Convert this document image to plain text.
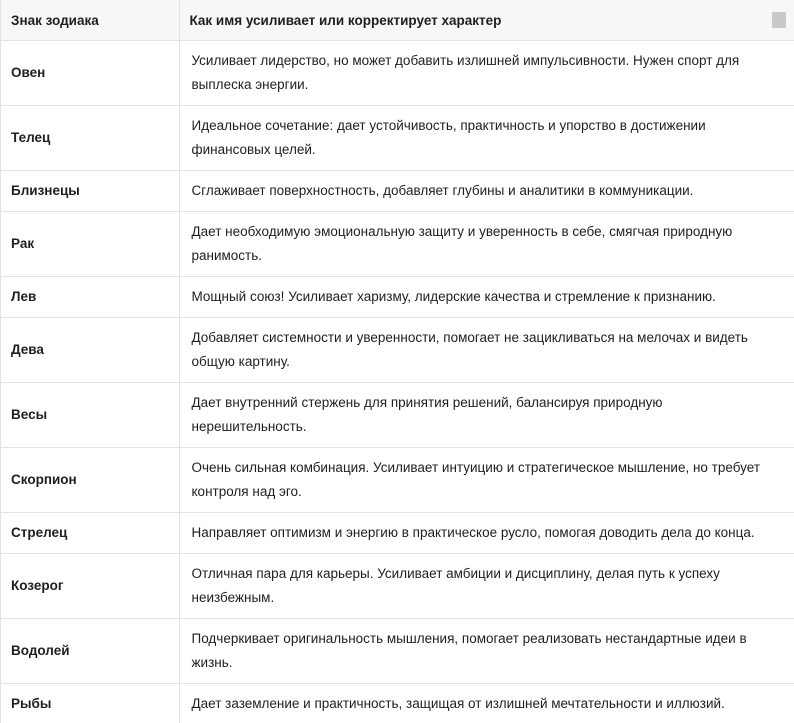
Знак зодиака	Как имя усиливает или корректирует характер
Овен	Усиливает лидерство, но может добавить излишней импульсивности. Нужен спорт для выплеска энергии.
Телец	Идеальное сочетание: дает устойчивость, практичность и упорство в достижении финансовых целей.
Близнецы	Сглаживает поверхностность, добавляет глубины и аналитики в коммуникации.
Рак	Дает необходимую эмоциональную защиту и уверенность в себе, смягчая природную ранимость.
Лев	Мощный союз! Усиливает харизму, лидерские качества и стремление к признанию.
Дева	Добавляет системности и уверенности, помогает не зацикливаться на мелочах и видеть общую картину.
Весы	Дает внутренний стержень для принятия решений, балансируя природную нерешительность.
Скорпион	Очень сильная комбинация. Усиливает интуицию и стратегическое мышление, но требует контроля над эго.
Стрелец	Направляет оптимизм и энергию в практическое русло, помогая доводить дела до конца.
Козерог	Отличная пара для карьеры. Усиливает амбиции и дисциплину, делая путь к успеху неизбежным.
Водолей	Подчеркивает оригинальность мышления, помогает реализовать нестандартные идеи в жизнь.
Рыбы	Дает заземление и практичность, защищая от излишней мечтательности и иллюзий.
